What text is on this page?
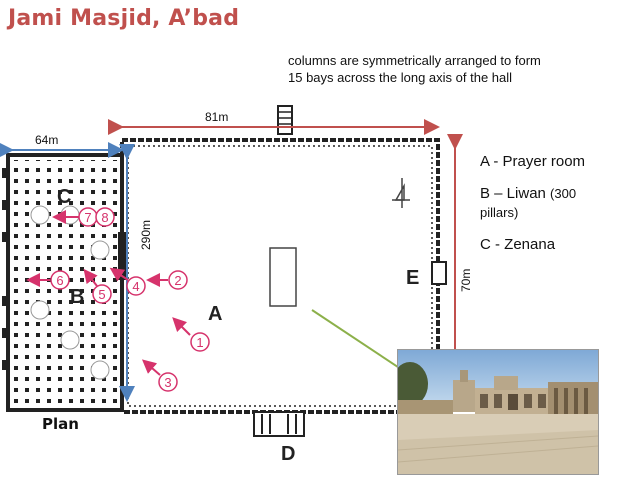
Jami Masjid, A’bad
columns are symmetrically arranged to form
15 bays across the long axis of the hall
81m
64m
290m
70m
C
B
A
E
D
1
2
3
4
5
6
7 8
A - Prayer room
B – Liwan (300
pillars)
C - Zenana
Plan
